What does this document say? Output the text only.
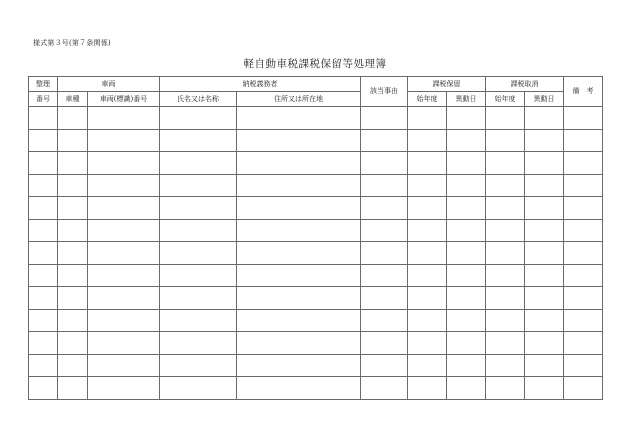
様式第３号(第７条関係)
軽自動車税課税保留等処理簿
整理	車両		納税義務者		該当事由	課税保留		課税取消		備　考
番号	車種	車両(標識)番号	氏名又は名称	住所又は所在地		始年度	異動日	始年度	異動日	
